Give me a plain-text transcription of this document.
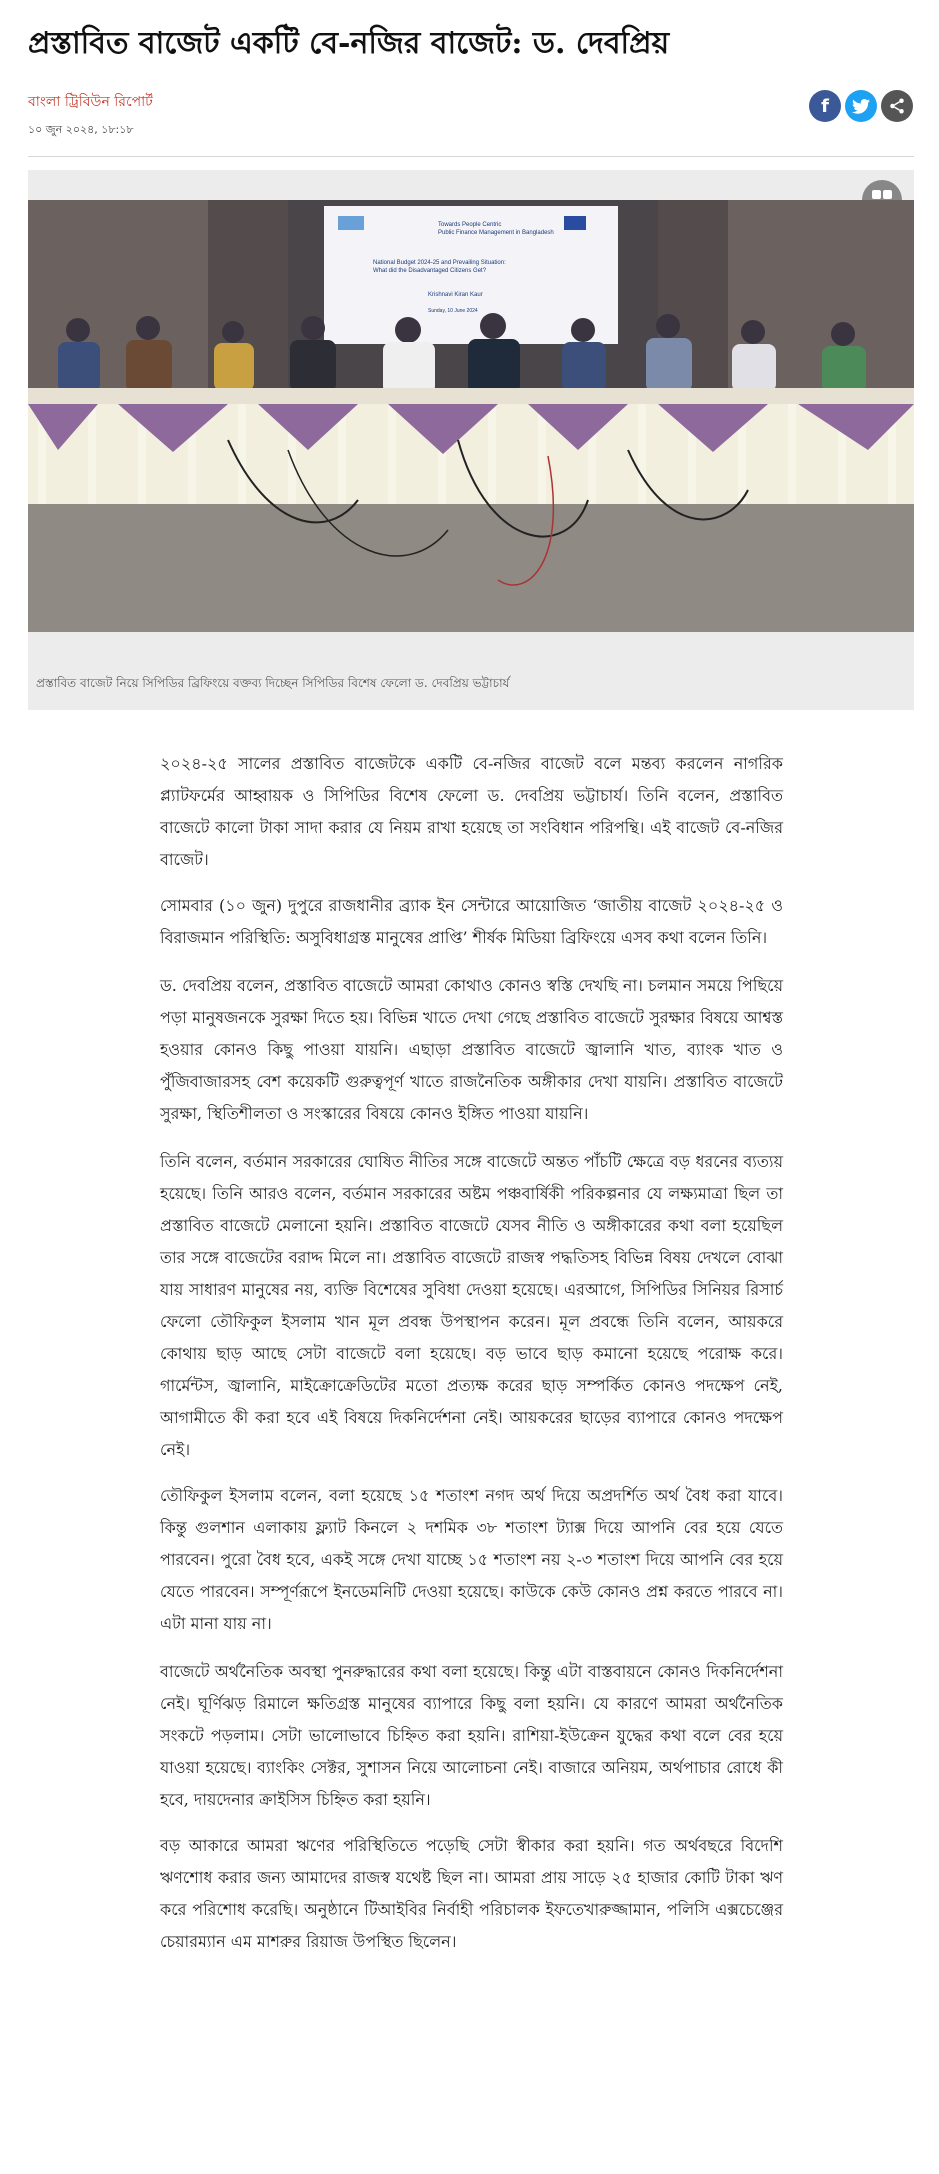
প্রস্তাবিত বাজেট একটি বে-নজির বাজেট: ড. দেবপ্রিয়
বাংলা ট্রিবিউন রিপোর্ট
১০ জুন ২০২৪, ১৮:১৮
f
Towards People Centric
Public Finance Management in Bangladesh
National Budget 2024-25 and Prevailing Situation:
What did the Disadvantaged Citizens Get?
Krishnavi Kiran Kaur
Sunday, 10 June 2024
প্রস্তাবিত বাজেট নিয়ে সিপিডির ব্রিফিংয়ে বক্তব্য দিচ্ছেন সিপিডির বিশেষ ফেলো ড. দেবপ্রিয় ভট্টাচার্য

২০২৪-২৫ সালের প্রস্তাবিত বাজেটকে একটি বে-নজির বাজেট বলে মন্তব্য করলেন নাগরিক প্ল্যাটফর্মের আহ্বায়ক ও সিপিডির বিশেষ ফেলো ড. দেবপ্রিয় ভট্টাচার্য। তিনি বলেন, প্রস্তাবিত বাজেটে কালো টাকা সাদা করার যে নিয়ম রাখা হয়েছে তা সংবিধান পরিপন্থি। এই বাজেট বে-নজির বাজেট।

সোমবার (১০ জুন) দুপুরে রাজধানীর ব্র্যাক ইন সেন্টারে আয়োজিত ‘জাতীয় বাজেট ২০২৪-২৫ ও বিরাজমান পরিস্থিতি: অসুবিধাগ্রস্ত মানুষের প্রাপ্তি’ শীর্ষক মিডিয়া ব্রিফিংয়ে এসব কথা বলেন তিনি।

ড. দেবপ্রিয় বলেন, প্রস্তাবিত বাজেটে আমরা কোথাও কোনও স্বস্তি দেখছি না। চলমান সময়ে পিছিয়ে পড়া মানুষজনকে সুরক্ষা দিতে হয়। বিভিন্ন খাতে দেখা গেছে প্রস্তাবিত বাজেটে সুরক্ষার বিষয়ে আশ্বস্ত হওয়ার কোনও কিছু পাওয়া যায়নি। এছাড়া প্রস্তাবিত বাজেটে জ্বালানি খাত, ব্যাংক খাত ও পুঁজিবাজারসহ বেশ কয়েকটি গুরুত্বপূর্ণ খাতে রাজনৈতিক অঙ্গীকার দেখা যায়নি। প্রস্তাবিত বাজেটে সুরক্ষা, স্থিতিশীলতা ও সংস্কারের বিষয়ে কোনও ইঙ্গিত পাওয়া যায়নি।

তিনি বলেন, বর্তমান সরকারের ঘোষিত নীতির সঙ্গে বাজেটে অন্তত পাঁচটি ক্ষেত্রে বড় ধরনের ব্যত্যয় হয়েছে। তিনি আরও বলেন, বর্তমান সরকারের অষ্টম পঞ্চবার্ষিকী পরিকল্পনার যে লক্ষ্যমাত্রা ছিল তা প্রস্তাবিত বাজেটে মেলানো হয়নি। প্রস্তাবিত বাজেটে যেসব নীতি ও অঙ্গীকারের কথা বলা হয়েছিল তার সঙ্গে বাজেটের বরাদ্দ মিলে না। প্রস্তাবিত বাজেটে রাজস্ব পদ্ধতিসহ বিভিন্ন বিষয় দেখলে বোঝা যায় সাধারণ মানুষের নয়, ব্যক্তি বিশেষের সুবিধা দেওয়া হয়েছে। এরআগে, সিপিডির সিনিয়র রিসার্চ ফেলো তৌফিকুল ইসলাম খান মূল প্রবন্ধ উপস্থাপন করেন। মূল প্রবন্ধে তিনি বলেন, আয়করে কোথায় ছাড় আছে সেটা বাজেটে বলা হয়েছে। বড় ভাবে ছাড় কমানো হয়েছে পরোক্ষ করে। গার্মেন্টস, জ্বালানি, মাইক্রোক্রেডিটের মতো প্রত্যক্ষ করের ছাড় সম্পর্কিত কোনও পদক্ষেপ নেই, আগামীতে কী করা হবে এই বিষয়ে দিকনির্দেশনা নেই। আয়করের ছাড়ের ব্যাপারে কোনও পদক্ষেপ নেই।

তৌফিকুল ইসলাম বলেন, বলা হয়েছে ১৫ শতাংশ নগদ অর্থ দিয়ে অপ্রদর্শিত অর্থ বৈধ করা যাবে। কিন্তু গুলশান এলাকায় ফ্ল্যাট কিনলে ২ দশমিক ৩৮ শতাংশ ট্যাক্স দিয়ে আপনি বের হয়ে যেতে পারবেন। পুরো বৈধ হবে, একই সঙ্গে দেখা যাচ্ছে ১৫ শতাংশ নয় ২-৩ শতাংশ দিয়ে আপনি বের হয়ে যেতে পারবেন। সম্পূর্ণরূপে ইনডেমনিটি দেওয়া হয়েছে। কাউকে কেউ কোনও প্রশ্ন করতে পারবে না। এটা মানা যায় না।

বাজেটে অর্থনৈতিক অবস্থা পুনরুদ্ধারের কথা বলা হয়েছে। কিন্তু এটা বাস্তবায়নে কোনও দিকনির্দেশনা নেই। ঘূর্ণিঝড় রিমালে ক্ষতিগ্রস্ত মানুষের ব্যাপারে কিছু বলা হয়নি। যে কারণে আমরা অর্থনৈতিক সংকটে পড়লাম। সেটা ভালোভাবে চিহ্নিত করা হয়নি। রাশিয়া-ইউক্রেন যুদ্ধের কথা বলে বের হয়ে যাওয়া হয়েছে। ব্যাংকিং সেক্টর, সুশাসন নিয়ে আলোচনা নেই। বাজারে অনিয়ম, অর্থপাচার রোধে কী হবে, দায়দেনার ক্রাইসিস চিহ্নিত করা হয়নি।

বড় আকারে আমরা ঋণের পরিস্থিতিতে পড়েছি সেটা স্বীকার করা হয়নি। গত অর্থবছরে বিদেশি ঋণশোধ করার জন্য আমাদের রাজস্ব যথেষ্ট ছিল না। আমরা প্রায় সাড়ে ২৫ হাজার কোটি টাকা ঋণ করে পরিশোধ করেছি। অনুষ্ঠানে টিআইবির নির্বাহী পরিচালক ইফতেখারুজ্জামান, পলিসি এক্সচেঞ্জের চেয়ারম্যান এম মাশরুর রিয়াজ উপস্থিত ছিলেন।
